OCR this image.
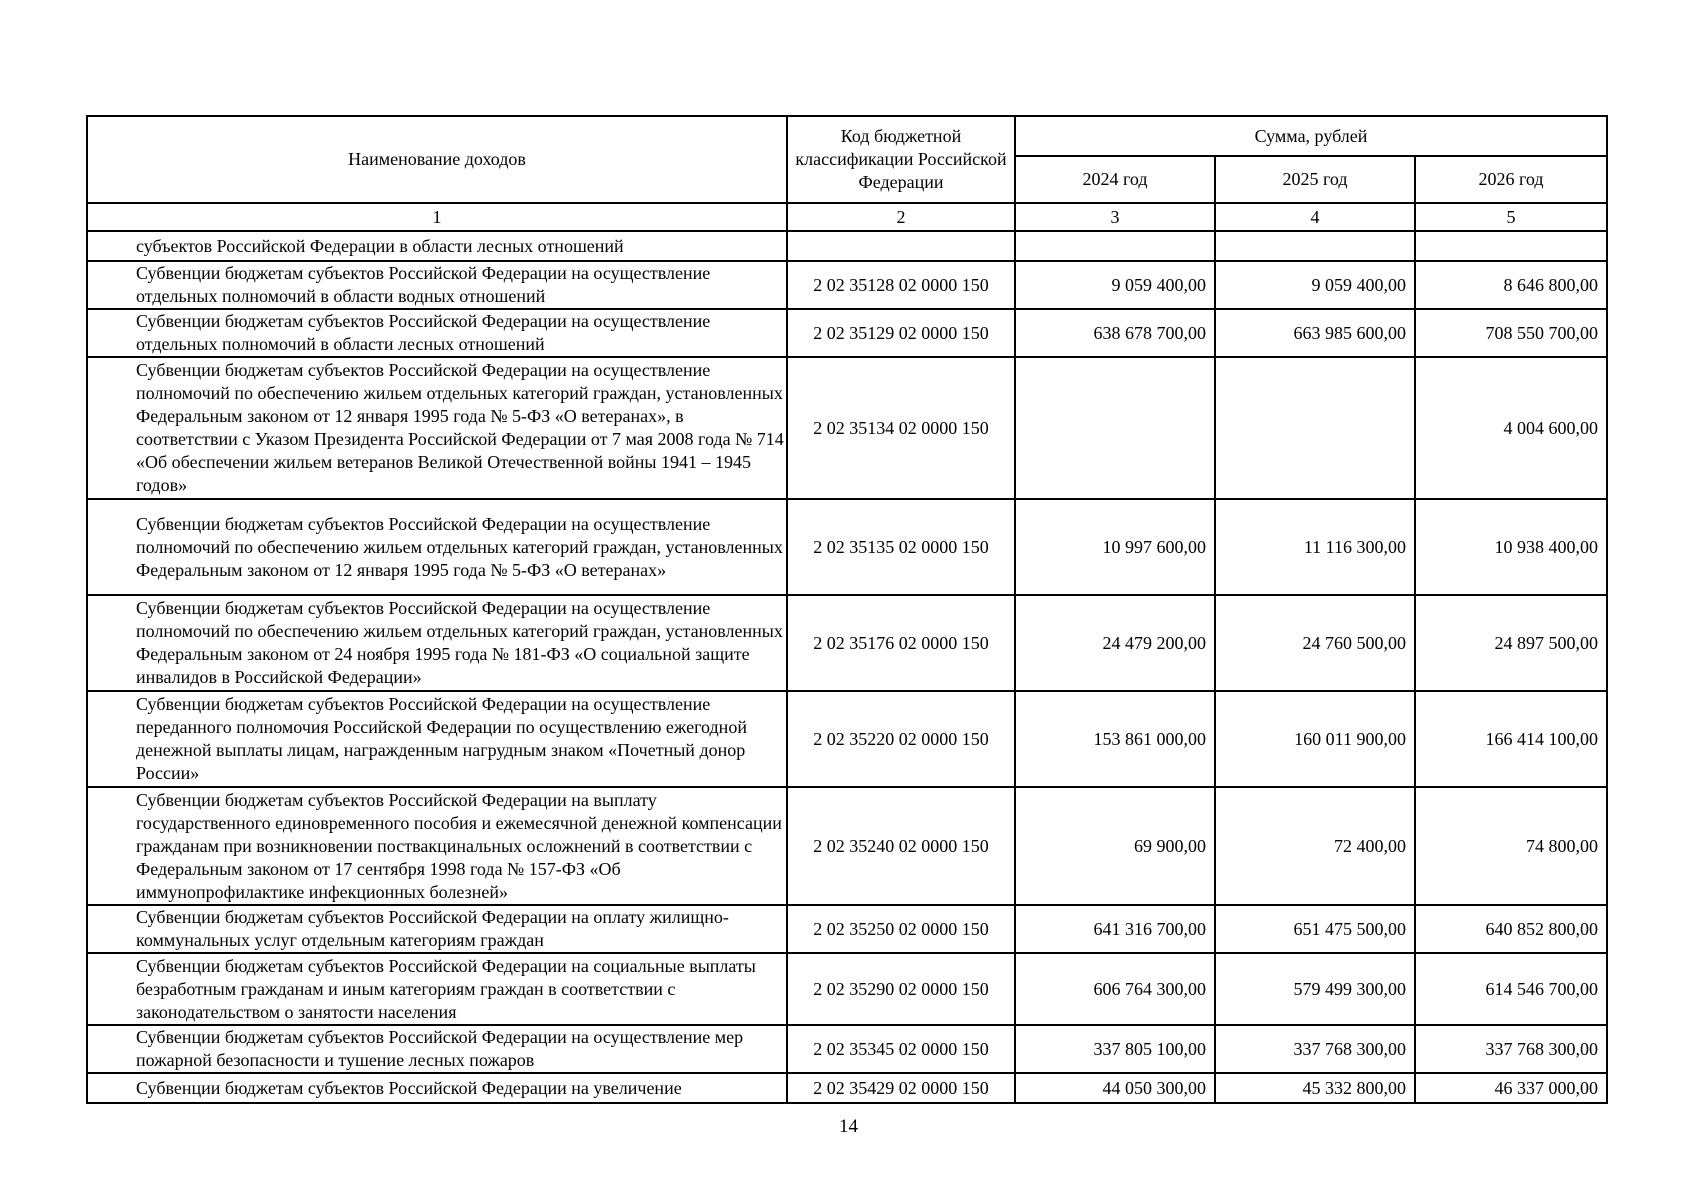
Наименование доходов	Код бюджетной классификации Российской Федерации	Сумма, рублей		
		2024 год	2025 год	2026 год
1	2	3	4	5
субъектов Российской Федерации в области лесных отношений				
Субвенции бюджетам субъектов Российской Федерации на осуществление отдельных полномочий в области водных отношений	2 02 35128 02 0000 150	9 059 400,00	9 059 400,00	8 646 800,00
Субвенции бюджетам субъектов Российской Федерации на осуществление отдельных полномочий в области лесных отношений	2 02 35129 02 0000 150	638 678 700,00	663 985 600,00	708 550 700,00
Субвенции бюджетам субъектов Российской Федерации на осуществление полномочий по обеспечению жильем отдельных категорий граждан, установленных Федеральным законом от 12 января 1995 года № 5-ФЗ «О ветеранах», в соответствии с Указом Президента Российской Федерации от 7 мая 2008 года № 714 «Об обеспечении жильем ветеранов Великой Отечественной войны 1941 – 1945 годов»	2 02 35134 02 0000 150			4 004 600,00
Субвенции бюджетам субъектов Российской Федерации на осуществление полномочий по обеспечению жильем отдельных категорий граждан, установленных Федеральным законом от 12 января 1995 года № 5-ФЗ «О ветеранах»	2 02 35135 02 0000 150	10 997 600,00	11 116 300,00	10 938 400,00
Субвенции бюджетам субъектов Российской Федерации на осуществление полномочий по обеспечению жильем отдельных категорий граждан, установленных Федеральным законом от 24 ноября 1995 года № 181-ФЗ «О социальной защите инвалидов в Российской Федерации»	2 02 35176 02 0000 150	24 479 200,00	24 760 500,00	24 897 500,00
Субвенции бюджетам субъектов Российской Федерации на осуществление переданного полномочия Российской Федерации по осуществлению ежегодной денежной выплаты лицам, награжденным нагрудным знаком «Почетный донор России»	2 02 35220 02 0000 150	153 861 000,00	160 011 900,00	166 414 100,00
Субвенции бюджетам субъектов Российской Федерации на выплату государственного единовременного пособия и ежемесячной денежной компенсации гражданам при возникновении поствакцинальных осложнений в соответствии с Федеральным законом от 17 сентября 1998 года № 157-ФЗ «Об иммунопрофилактике инфекционных болезней»	2 02 35240 02 0000 150	69 900,00	72 400,00	74 800,00
Субвенции бюджетам субъектов Российской Федерации на оплату жилищно-коммунальных услуг отдельным категориям граждан	2 02 35250 02 0000 150	641 316 700,00	651 475 500,00	640 852 800,00
Субвенции бюджетам субъектов Российской Федерации на социальные выплаты безработным гражданам и иным категориям граждан в соответствии с законодательством о занятости населения	2 02 35290 02 0000 150	606 764 300,00	579 499 300,00	614 546 700,00
Субвенции бюджетам субъектов Российской Федерации на осуществление мер пожарной безопасности и тушение лесных пожаров	2 02 35345 02 0000 150	337 805 100,00	337 768 300,00	337 768 300,00
Субвенции бюджетам субъектов Российской Федерации на увеличение	2 02 35429 02 0000 150	44 050 300,00	45 332 800,00	46 337 000,00
14
